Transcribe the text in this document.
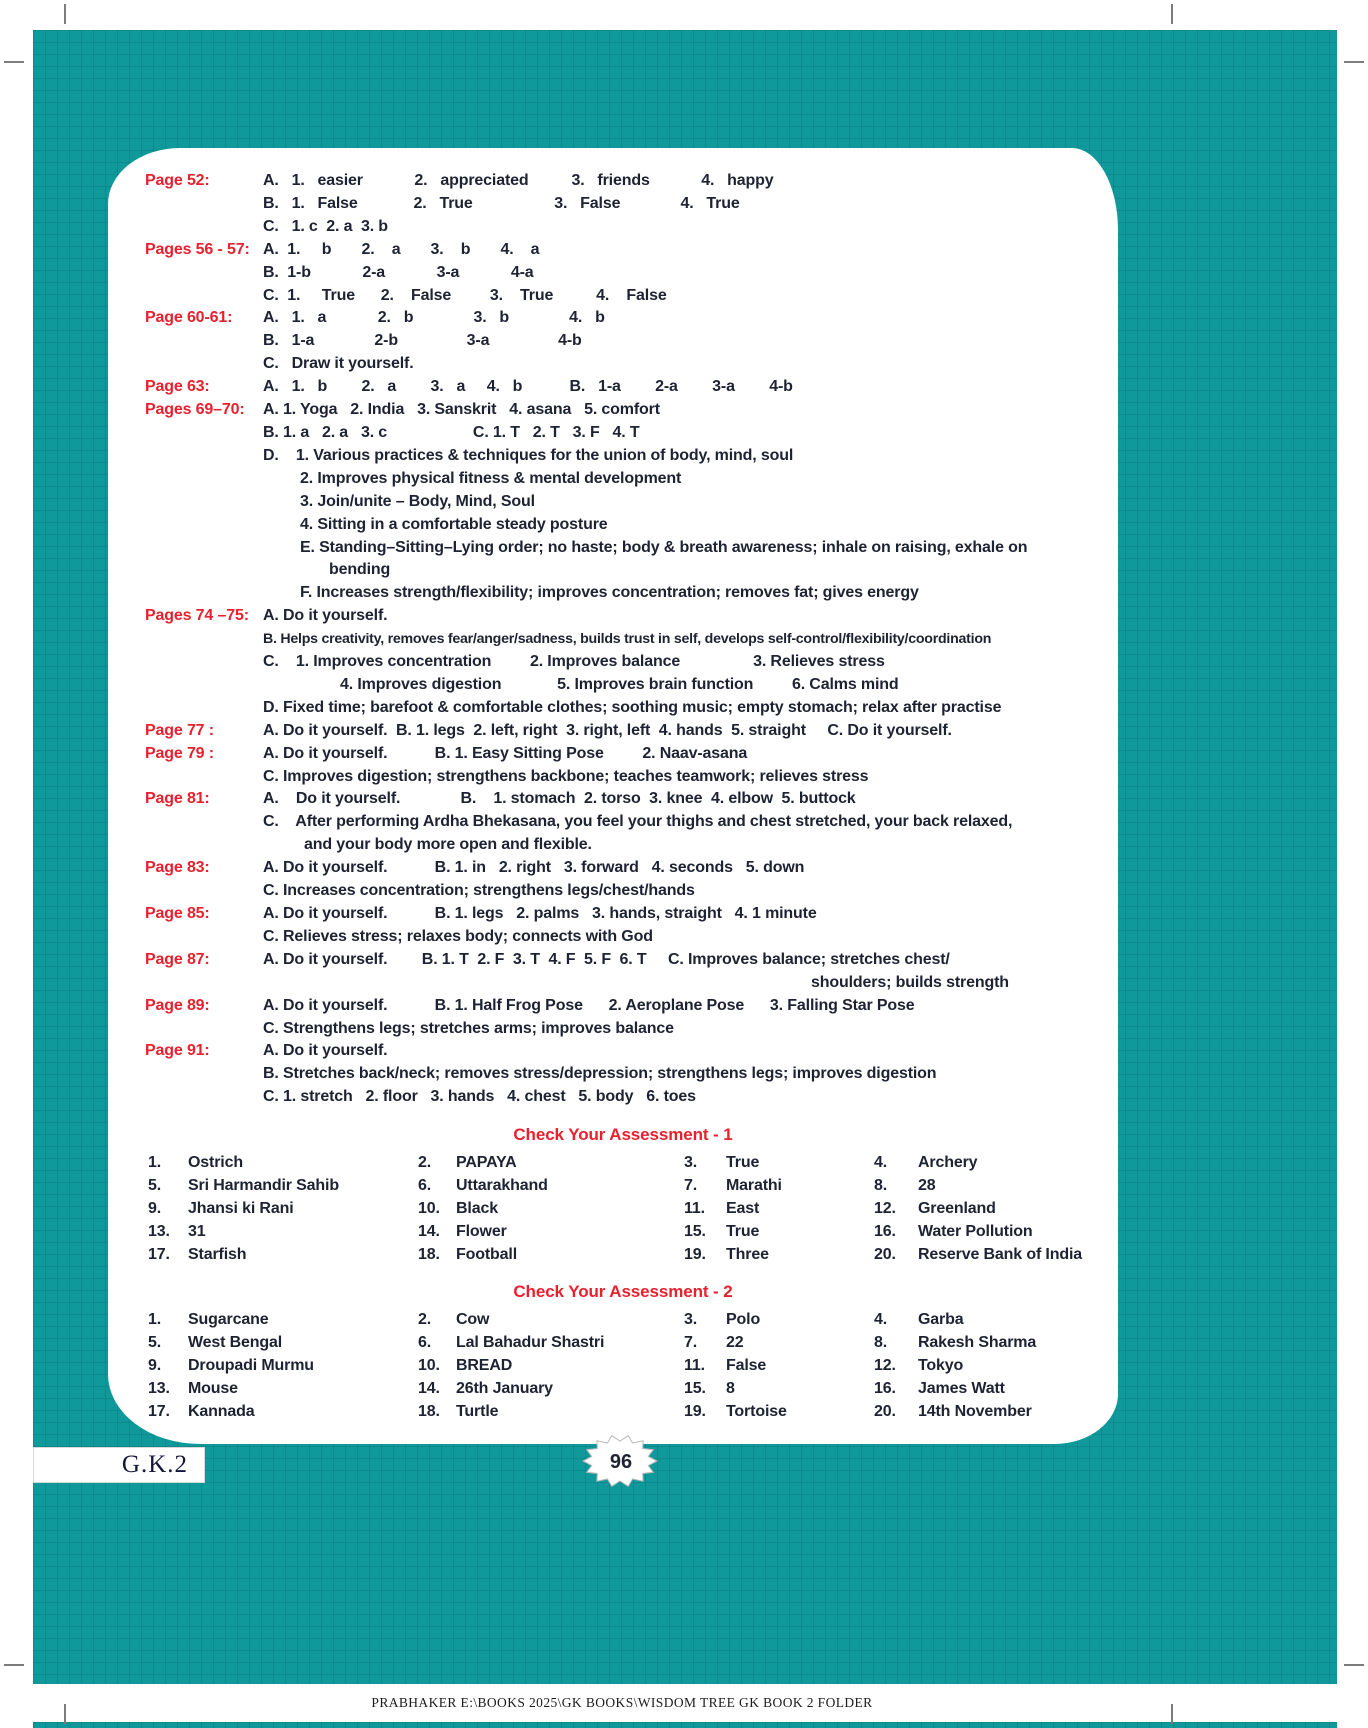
Page 52:	A.   1.   easier            2.   appreciated          3.   friends            4.   happy
B.   1.   False             2.   True                   3.   False              4.   True
C.   1. c  2. a  3. b
Pages 56 - 57: A.  1.     b       2.    a       3.    b       4.    a
B.  1-b            2-a            3-a            4-a
C.  1.     True      2.    False         3.    True          4.    False
Page 60-61:	A.   1.   a            2.   b              3.   b              4.   b
B.   1-a              2-b                3-a                4-b
C.   Draw it yourself.
Page 63:	A.   1.   b        2.   a        3.   a     4.   b           B.   1-a        2-a        3-a        4-b
Pages 69–70:	A. 1. Yoga   2. India   3. Sanskrit   4. asana   5. comfort
B. 1. a   2. a   3. c                    C. 1. T   2. T   3. F   4. T
D.    1. Various practices & techniques for the union of body, mind, soul
2. Improves physical fitness & mental development
3. Join/unite – Body, Mind, Soul
4. Sitting in a comfortable steady posture
E. Standing–Sitting–Lying order; no haste; body & breath awareness; inhale on raising, exhale on
bending
F. Increases strength/flexibility; improves concentration; removes fat; gives energy
Pages 74 –75: A. Do it yourself.
B. Helps creativity, removes fear/anger/sadness, builds trust in self, develops self-control/flexibility/coordination
C.    1. Improves concentration         2. Improves balance                 3. Relieves stress
4. Improves digestion             5. Improves brain function         6. Calms mind
D. Fixed time; barefoot & comfortable clothes; soothing music; empty stomach; relax after practise
Page 77 :	A. Do it yourself.  B. 1. legs  2. left, right  3. right, left  4. hands  5. straight     C. Do it yourself.
Page 79 :	A. Do it yourself.           B. 1. Easy Sitting Pose         2. Naav-asana
C. Improves digestion; strengthens backbone; teaches teamwork; relieves stress
Page 81:	A.    Do it yourself.              B.    1. stomach  2. torso  3. knee  4. elbow  5. buttock
C.    After performing Ardha Bhekasana, you feel your thighs and chest stretched, your back relaxed,
and your body more open and flexible.
Page 83:	A. Do it yourself.           B. 1. in   2. right   3. forward   4. seconds   5. down
C. Increases concentration; strengthens legs/chest/hands
Page 85:	A. Do it yourself.           B. 1. legs   2. palms   3. hands, straight   4. 1 minute
C. Relieves stress; relaxes body; connects with God
Page 87:	A. Do it yourself.        B. 1. T  2. F  3. T  4. F  5. F  6. T     C. Improves balance; stretches chest/
shoulders; builds strength
Page 89:	A. Do it yourself.           B. 1. Half Frog Pose      2. Aeroplane Pose      3. Falling Star Pose
C. Strengthens legs; stretches arms; improves balance
Page 91:	A. Do it yourself.
B. Stretches back/neck; removes stress/depression; strengthens legs; improves digestion
C. 1. stretch   2. floor   3. hands   4. chest   5. body   6. toes
Check Your Assessment - 1
1.	Ostrich	2.	PAPAYA	3.	True	4.	Archery
5.	Sri Harmandir Sahib	6.	Uttarakhand	7.	Marathi	8.	28
9.	Jhansi ki Rani	10.	Black	11.	East	12.	Greenland
13.	31	14.	Flower	15.	True	16.	Water Pollution
17.	Starfish	18.	Football	19.	Three	20.	Reserve Bank of India
Check Your Assessment - 2
1.	Sugarcane	2.	Cow	3.	Polo	4.	Garba
5.	West Bengal	6.	Lal Bahadur Shastri	7.	22	8.	Rakesh Sharma
9.	Droupadi Murmu	10.	BREAD	11.	False	12.	Tokyo
13.	Mouse	14.	26th January	15.	8	16.	James Watt
17.	Kannada	18.	Turtle	19.	Tortoise	20.	14th November
G.K.2	96
PRABHAKER E:\BOOKS 2025\GK BOOKS\WISDOM TREE GK BOOK 2 FOLDER
